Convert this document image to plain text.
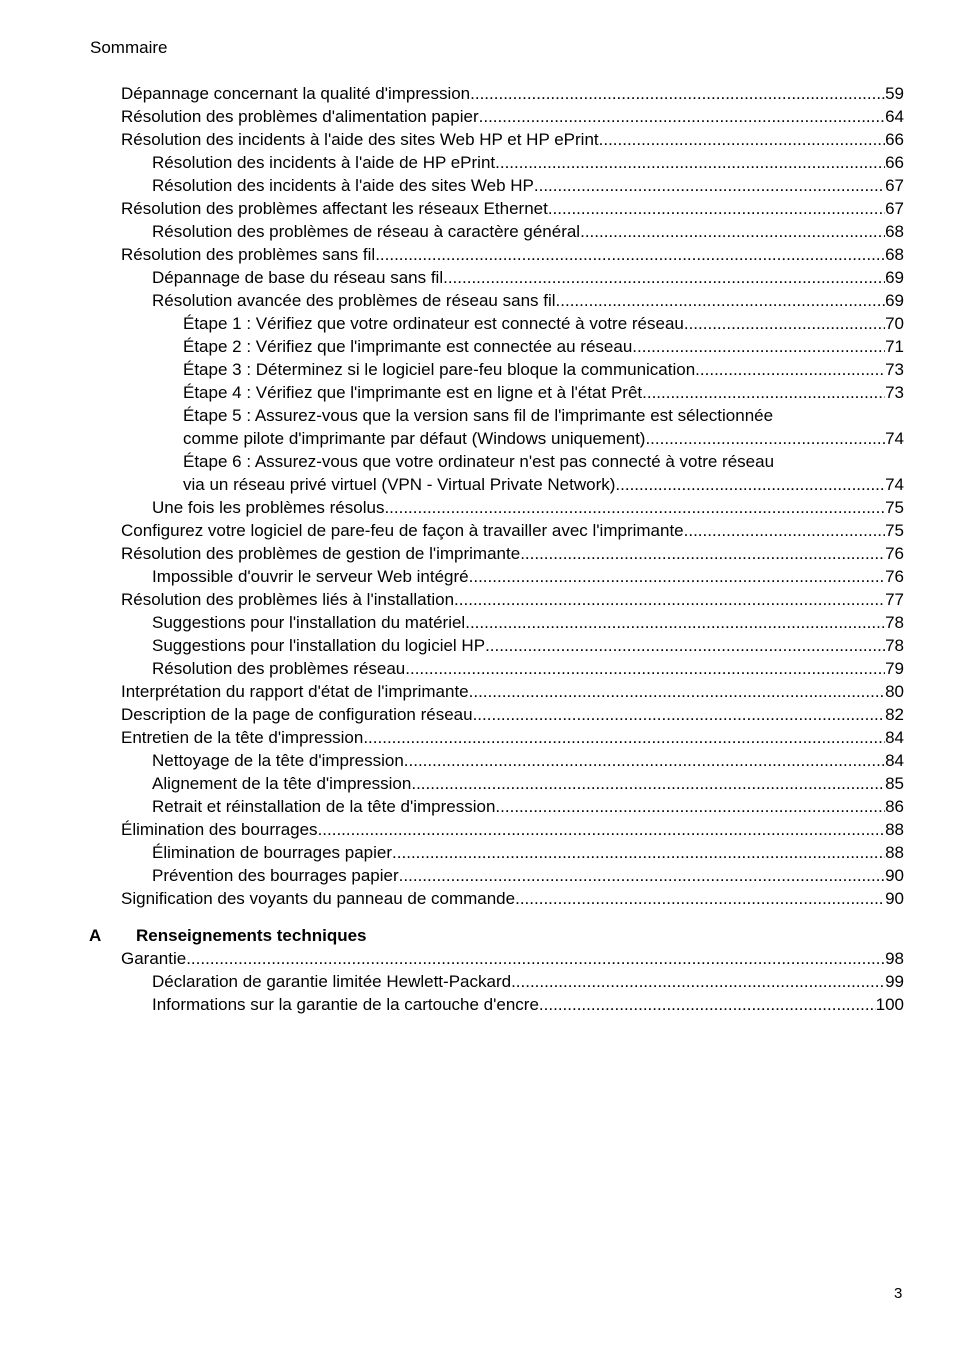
Sommaire
Dépannage concernant la qualité d'impression .....	59
Résolution des problèmes d'alimentation papier .....	64
Résolution des incidents à l'aide des sites Web HP et HP ePrint .....	66
Résolution des incidents à l'aide de HP ePrint .....	66
Résolution des incidents à l'aide des sites Web HP .....	67
Résolution des problèmes affectant les réseaux Ethernet .....	67
Résolution des problèmes de réseau à caractère général .....	68
Résolution des problèmes sans fil .....	68
Dépannage de base du réseau sans fil .....	69
Résolution avancée des problèmes de réseau sans fil .....	69
Étape 1 : Vérifiez que votre ordinateur est connecté à votre réseau .....	70
Étape 2 : Vérifiez que l'imprimante est connectée au réseau .....	71
Étape 3 : Déterminez si le logiciel pare-feu bloque la communication .....	73
Étape 4 : Vérifiez que l'imprimante est en ligne et à l'état Prêt .....	73
Étape 5 : Assurez-vous que la version sans fil de l'imprimante est sélectionnée
comme pilote d'imprimante par défaut (Windows uniquement) .....	74
Étape 6 : Assurez-vous que votre ordinateur n'est pas connecté à votre réseau
via un réseau privé virtuel (VPN - Virtual Private Network) .....	74
Une fois les problèmes résolus... .....	75
Configurez votre logiciel de pare-feu de façon à travailler avec l'imprimante .....	75
Résolution des problèmes de gestion de l'imprimante .....	76
Impossible d'ouvrir le serveur Web intégré .....	76
Résolution des problèmes liés à l'installation .....	77
Suggestions pour l'installation du matériel .....	78
Suggestions pour l'installation du logiciel HP .....	78
Résolution des problèmes réseau .....	79
Interprétation du rapport d'état de l'imprimante .....	80
Description de la page de configuration réseau .....	82
Entretien de la tête d'impression .....	84
Nettoyage de la tête d'impression .....	84
Alignement de la tête d'impression .....	85
Retrait et réinstallation de la tête d'impression .....	86
Élimination des bourrages .....	88
Élimination de bourrages papier .....	88
Prévention des bourrages papier .....	90
Signification des voyants du panneau de commande .....	90
A	Renseignements techniques
Garantie .....	98
Déclaration de garantie limitée Hewlett-Packard .....	99
Informations sur la garantie de la cartouche d'encre .....	100
3
